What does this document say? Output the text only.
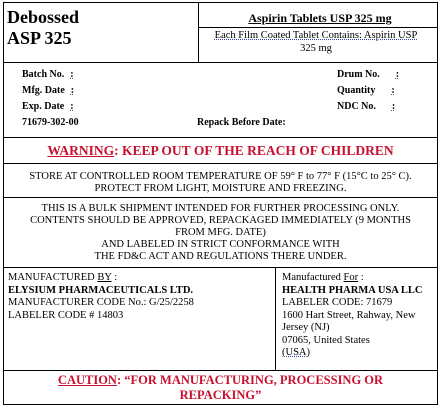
Debossed
ASP 325
Aspirin Tablets USP 325 mg
Each Film Coated Tablet Contains: Aspirin USP
325 mg
Batch No. :
Mfg. Date :
Exp. Date :
71679-302-00
Drum No. :
Quantity :
NDC No. :
Repack Before Date:
WARNING: KEEP OUT OF THE REACH OF CHILDREN
STORE AT CONTROLLED ROOM TEMPERATURE OF 59° F to 77° F (15°C to 25° C).
PROTECT FROM LIGHT, MOISTURE AND FREEZING.
THIS IS A BULK SHIPMENT INTENDED FOR FURTHER PROCESSING ONLY.
CONTENTS SHOULD BE APPROVED, REPACKAGED IMMEDIATELY (9 MONTHS
FROM MFG. DATE)
AND LABELED IN STRICT CONFORMANCE WITH
THE FD&C ACT AND REGULATIONS THERE UNDER.
MANUFACTURED BY :
ELYSIUM PHARMACEUTICALS LTD.
MANUFACTURER CODE No.: G/25/2258
LABELER CODE # 14803
Manufactured For :
HEALTH PHARMA USA LLC
LABELER CODE: 71679
1600 Hart Street, Rahway, New
Jersey (NJ)
07065, United States
(USA)
CAUTION: “FOR MANUFACTURING, PROCESSING OR
REPACKING”
